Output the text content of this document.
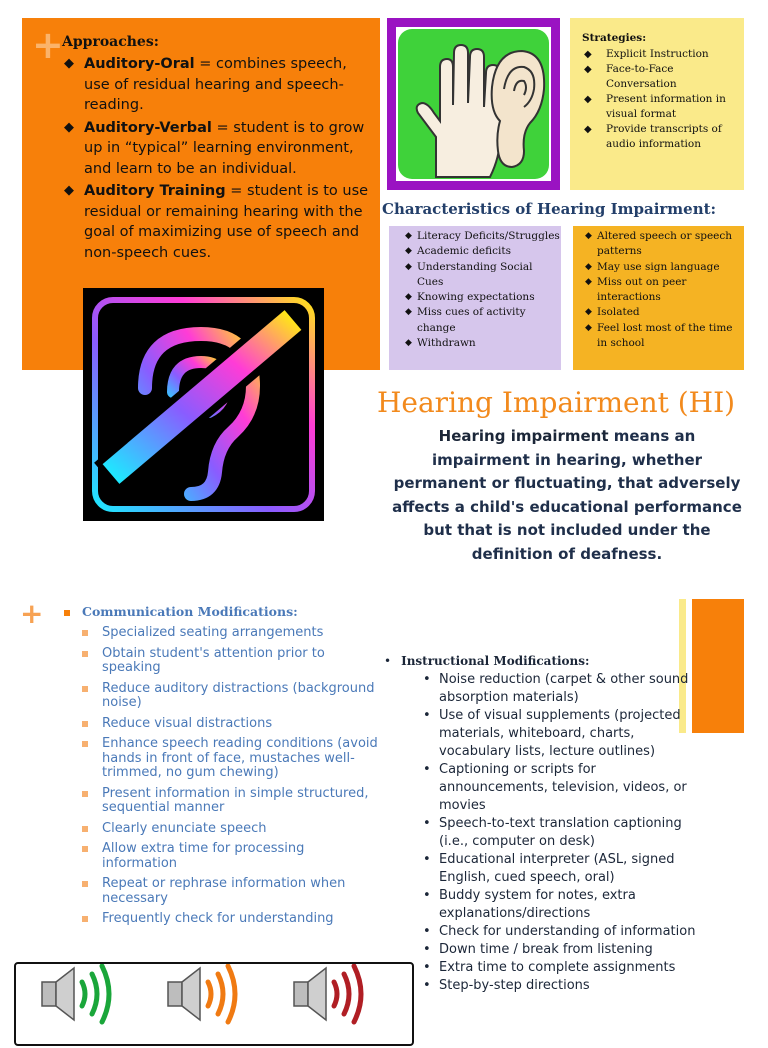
+
Approaches:
◆ Auditory-Oral = combines speech, use of residual hearing and speech-reading.
◆ Auditory-Verbal = student is to grow up in “typical” learning environment, and learn to be an individual.
◆ Auditory Training = student is to use residual or remaining hearing with the goal of maximizing use of speech and non-speech cues.
Strategies:
◆ Explicit Instruction
◆ Face-to-Face Conversation
◆ Present information in visual format
◆ Provide transcripts of audio information
Characteristics of Hearing Impairment:
◆ Literacy Deficits/Struggles
◆ Academic deficits
◆ Understanding Social Cues
◆ Knowing expectations
◆ Miss cues of activity change
◆ Withdrawn
◆ Altered speech or speech patterns
◆ May use sign language
◆ Miss out on peer interactions
◆ Isolated
◆ Feel lost most of the time in school
Hearing Impairment (HI)
Hearing impairment means an impairment in hearing, whether permanent or fluctuating, that adversely affects a child's educational performance but that is not included under the definition of deafness.
+	Communication Modifications:
Specialized seating arrangements
Obtain student's attention prior to speaking
Reduce auditory distractions (background noise)
Reduce visual distractions
Enhance speech reading conditions (avoid hands in front of face, mustaches well-trimmed, no gum chewing)
Present information in simple structured, sequential manner
Clearly enunciate speech
Allow extra time for processing information
Repeat or rephrase information when necessary
Frequently check for understanding
• Instructional Modifications:
• Noise reduction (carpet & other sound absorption materials)
• Use of visual supplements (projected materials, whiteboard, charts, vocabulary lists, lecture outlines)
• Captioning or scripts for announcements, television, videos, or movies
• Speech-to-text translation captioning (i.e., computer on desk)
• Educational interpreter (ASL, signed English, cued speech, oral)
• Buddy system for notes, extra explanations/directions
• Check for understanding of information
• Down time / break from listening
• Extra time to complete assignments
• Step-by-step directions
